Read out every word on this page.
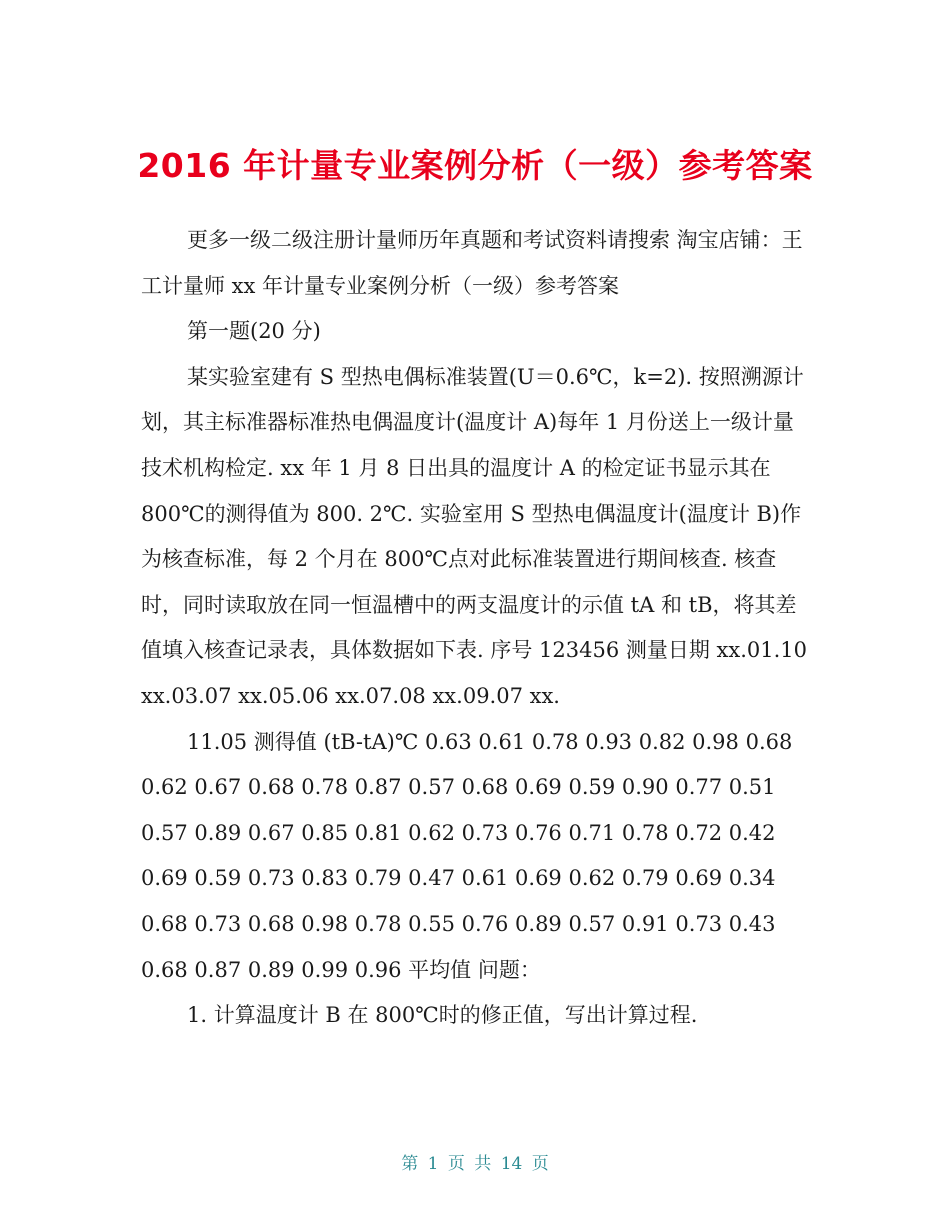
2016 年计量专业案例分析（一级）参考答案

更多一级二级注册计量师历年真题和考试资料请搜索 淘宝店铺：王工计量师 xx 年计量专业案例分析（一级）参考答案

第一题(20 分)

某实验室建有 S 型热电偶标准装置(U＝0.6℃，k=2). 按照溯源计划，其主标准器标准热电偶温度计(温度计 A)每年 1 月份送上一级计量技术机构检定. xx 年 1 月 8 日出具的温度计 A 的检定证书显示其在 800℃的测得值为 800. 2℃. 实验室用 S 型热电偶温度计(温度计 B)作为核查标准，每 2 个月在 800℃点对此标准装置进行期间核查. 核查时，同时读取放在同一恒温槽中的两支温度计的示值 tA 和 tB，将其差值填入核查记录表，具体数据如下表. 序号 123456 测量日期 xx.01.10 xx.03.07 xx.05.06 xx.07.08 xx.09.07 xx.

11.05 测得值 (tB-tA)℃ 0.63 0.61 0.78 0.93 0.82 0.98 0.68 0.62 0.67 0.68 0.78 0.87 0.57 0.68 0.69 0.59 0.90 0.77 0.51 0.57 0.89 0.67 0.85 0.81 0.62 0.73 0.76 0.71 0.78 0.72 0.42 0.69 0.59 0.73 0.83 0.79 0.47 0.61 0.69 0.62 0.79 0.69 0.34 0.68 0.73 0.68 0.98 0.78 0.55 0.76 0.89 0.57 0.91 0.73 0.43 0.68 0.87 0.89 0.99 0.96 平均值 问题：

1. 计算温度计 B 在 800℃时的修正值，写出计算过程.

第 1 页 共 14 页
